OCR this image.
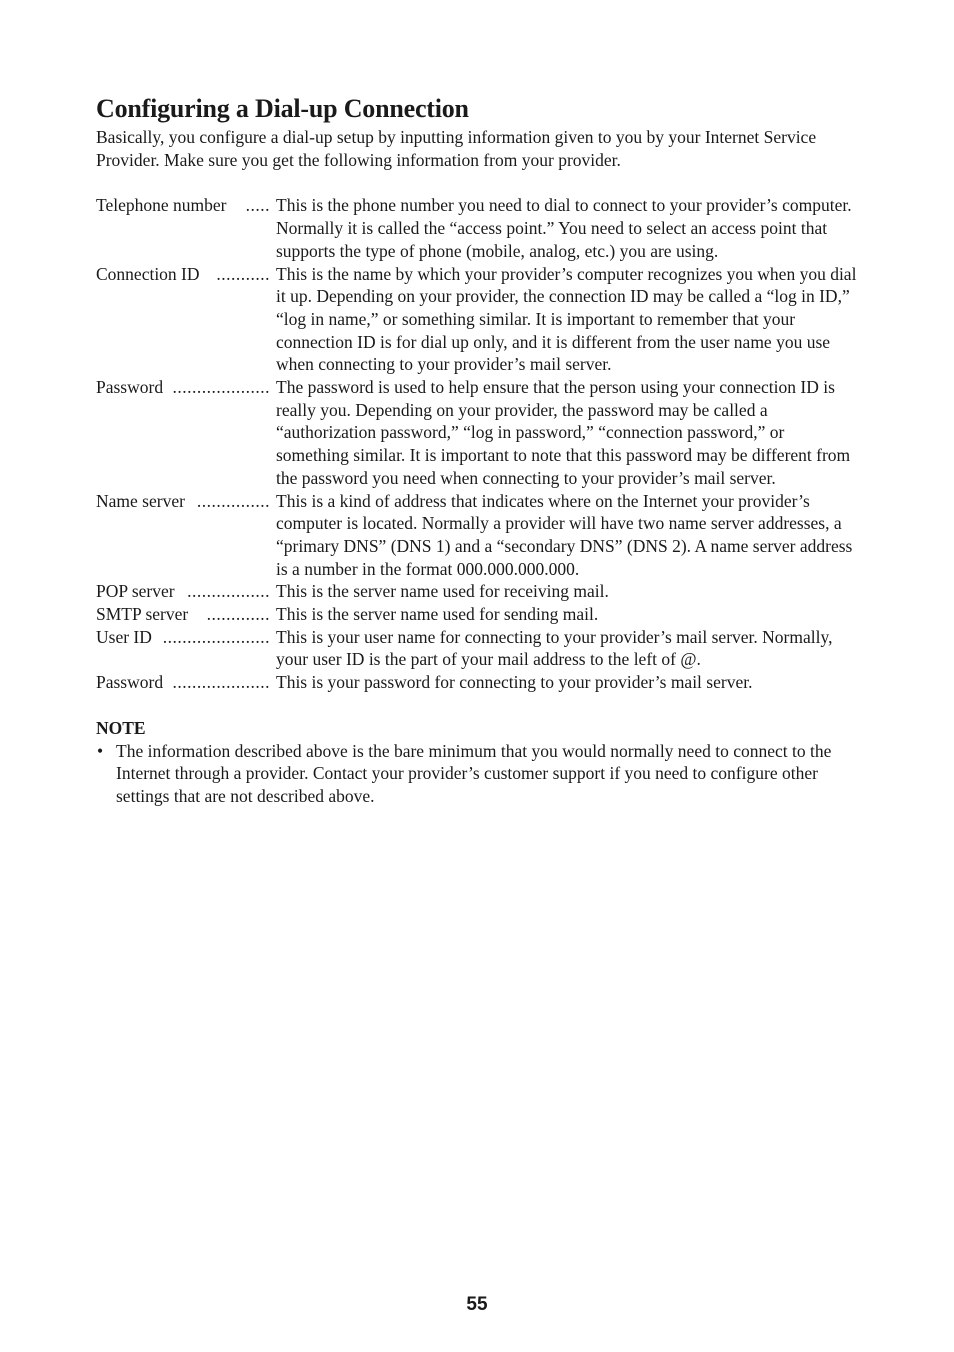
Configuring a Dial-up Connection

Basically, you configure a dial-up setup by inputting information given to you by your Internet Service Provider. Make sure you get the following information from your provider.

Telephone number	..... This is the phone number you need to dial to connect to your provider’s computer. Normally it is called the “access point.” You need to select an access point that supports the type of phone (mobile, analog, etc.) you are using.
Connection ID ........... This is the name by which your provider’s computer recognizes you when you dial it up. Depending on your provider, the connection ID may be called a “log in ID,” “log in name,” or something similar. It is important to remember that your connection ID is for dial up only, and it is different from the user name you use when connecting to your provider’s mail server.
Password .................... The password is used to help ensure that the person using your connection ID is really you. Depending on your provider, the password may be called a “authorization password,” “log in password,” “connection password,” or something similar. It is important to note that this password may be different from the password you need when connecting to your provider’s mail server.
Name server ............... This is a kind of address that indicates where on the Internet your provider’s computer is located. Normally a provider will have two name server addresses, a “primary DNS” (DNS 1) and a “secondary DNS” (DNS 2). A name server address is a number in the format 000.000.000.000.
POP server ................. This is the server name used for receiving mail.
SMTP server	............. This is the server name used for sending mail.
User ID ...................... This is your user name for connecting to your provider’s mail server. Normally, your user ID is the part of your mail address to the left of @.
Password .................... This is your password for connecting to your provider’s mail server.
NOTE
• The information described above is the bare minimum that you would normally need to connect to the Internet through a provider. Contact your provider’s customer support if you need to configure other settings that are not described above.
55
